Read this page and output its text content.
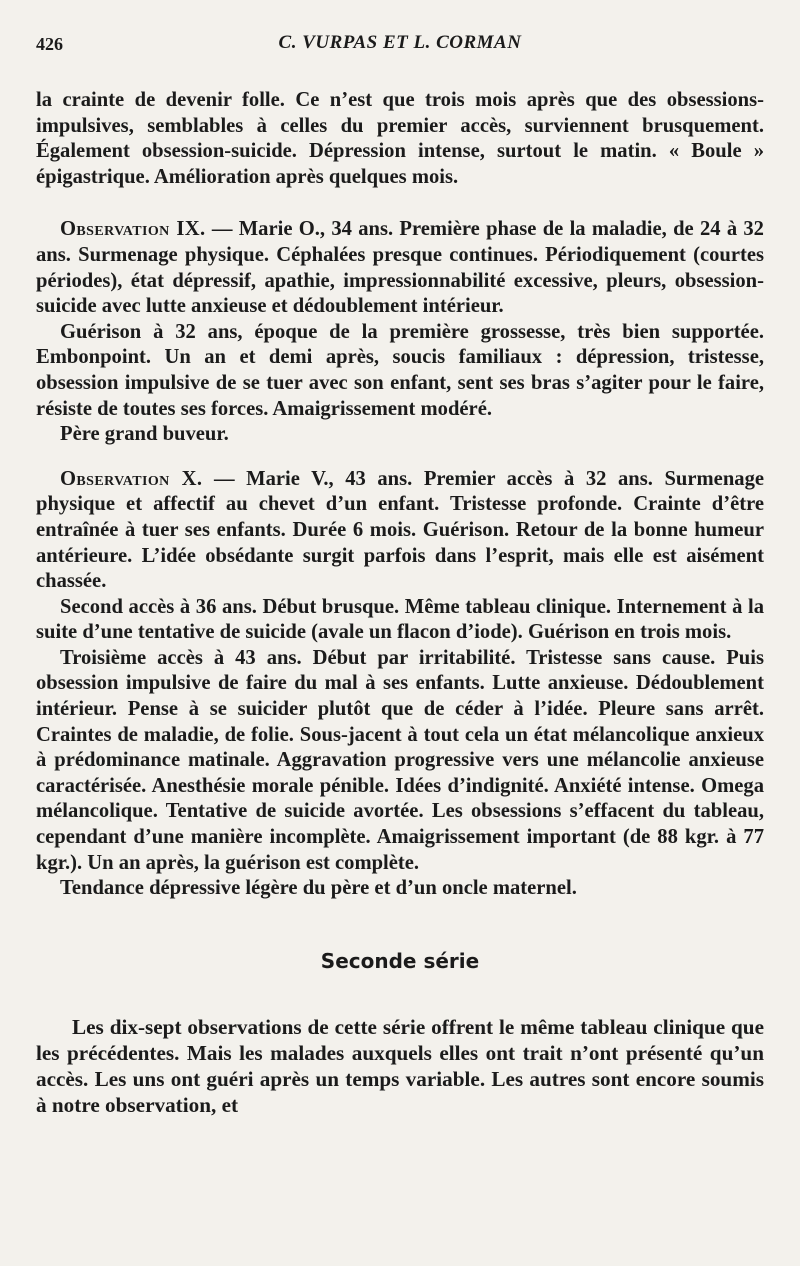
426	C. VURPAS ET L. CORMAN

la crainte de devenir folle. Ce n’est que trois mois après que des obsessions-impulsives, semblables à celles du premier accès, surviennent brusquement. Également obsession-suicide. Dépression intense, surtout le matin. « Boule » épigastrique. Amélioration après quelques mois.

Observation IX. — Marie O., 34 ans. Première phase de la maladie, de 24 à 32 ans. Surmenage physique. Céphalées presque continues. Périodiquement (courtes périodes), état dépressif, apathie, impressionnabilité excessive, pleurs, obsession-suicide avec lutte anxieuse et dédoublement intérieur.

Guérison à 32 ans, époque de la première grossesse, très bien supportée. Embonpoint. Un an et demi après, soucis familiaux : dépression, tristesse, obsession impulsive de se tuer avec son enfant, sent ses bras s’agiter pour le faire, résiste de toutes ses forces. Amaigrissement modéré.

Père grand buveur.

Observation X. — Marie V., 43 ans. Premier accès à 32 ans. Surmenage physique et affectif au chevet d’un enfant. Tristesse profonde. Crainte d’être entraînée à tuer ses enfants. Durée 6 mois. Guérison. Retour de la bonne humeur antérieure. L’idée obsédante surgit parfois dans l’esprit, mais elle est aisément chassée.

Second accès à 36 ans. Début brusque. Même tableau clinique. Internement à la suite d’une tentative de suicide (avale un flacon d’iode). Guérison en trois mois.

Troisième accès à 43 ans. Début par irritabilité. Tristesse sans cause. Puis obsession impulsive de faire du mal à ses enfants. Lutte anxieuse. Dédoublement intérieur. Pense à se suicider plutôt que de céder à l’idée. Pleure sans arrêt. Craintes de maladie, de folie. Sous-jacent à tout cela un état mélancolique anxieux à prédominance matinale. Aggravation progressive vers une mélancolie anxieuse caractérisée. Anesthésie morale pénible. Idées d’indignité. Anxiété intense. Omega mélancolique. Tentative de suicide avortée. Les obsessions s’effacent du tableau, cependant d’une manière incomplète. Amaigrissement important (de 88 kgr. à 77 kgr.). Un an après, la guérison est complète.

Tendance dépressive légère du père et d’un oncle maternel.

Seconde série

Les dix-sept observations de cette série offrent le même tableau clinique que les précédentes. Mais les malades auxquels elles ont trait n’ont présenté qu’un accès. Les uns ont guéri après un temps variable. Les autres sont encore soumis à notre observation, et
